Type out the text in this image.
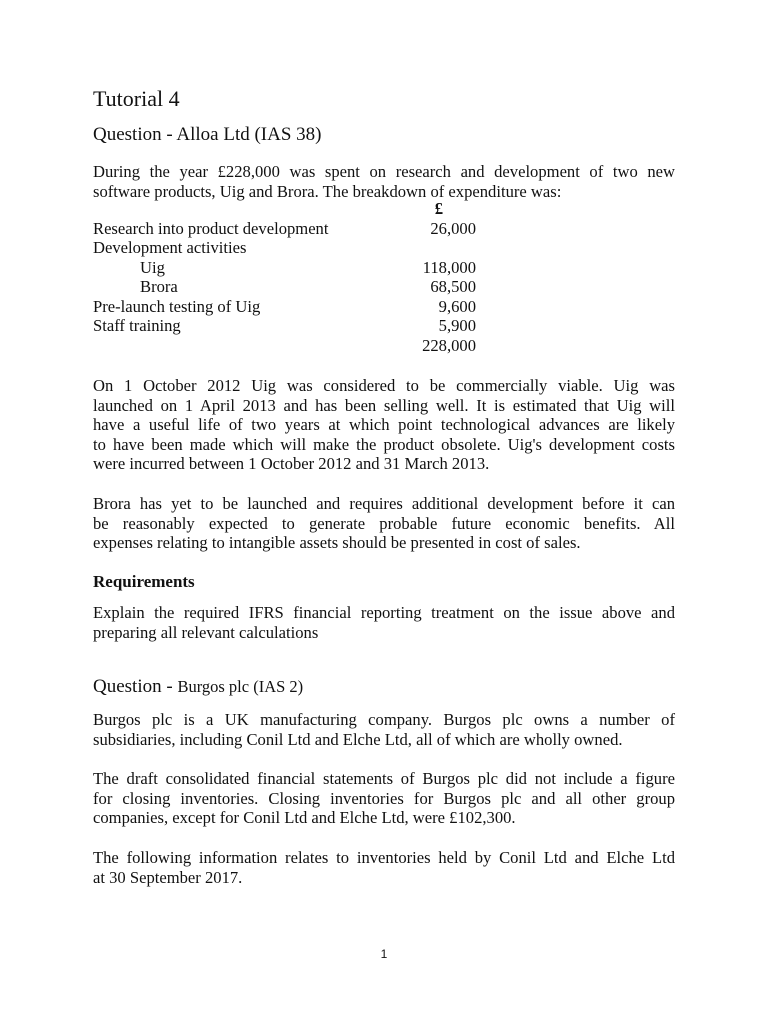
Tutorial 4
Question - Alloa Ltd (IAS 38)
During the year £228,000 was spent on research and development of two new
software products, Uig and Brora. The breakdown of expenditure was:
£
Research into product development	26,000
Development activities
Uig	118,000
Brora	68,500
Pre-launch testing of Uig	9,600
Staff training	5,900
228,000
On 1 October 2012 Uig was considered to be commercially viable. Uig was
launched on 1 April 2013 and has been selling well. It is estimated that Uig will
have a useful life of two years at which point technological advances are likely
to have been made which will make the product obsolete. Uig's development costs
were incurred between 1 October 2012 and 31 March 2013.
Brora has yet to be launched and requires additional development before it can
be reasonably expected to generate probable future economic benefits. All
expenses relating to intangible assets should be presented in cost of sales.
Requirements
Explain the required IFRS financial reporting treatment on the issue above and
preparing all relevant calculations
Question - Burgos plc (IAS 2)
Burgos plc is a UK manufacturing company. Burgos plc owns a number of
subsidiaries, including Conil Ltd and Elche Ltd, all of which are wholly owned.
The draft consolidated financial statements of Burgos plc did not include a figure
for closing inventories. Closing inventories for Burgos plc and all other group
companies, except for Conil Ltd and Elche Ltd, were £102,300.
The following information relates to inventories held by Conil Ltd and Elche Ltd
at 30 September 2017.
1
